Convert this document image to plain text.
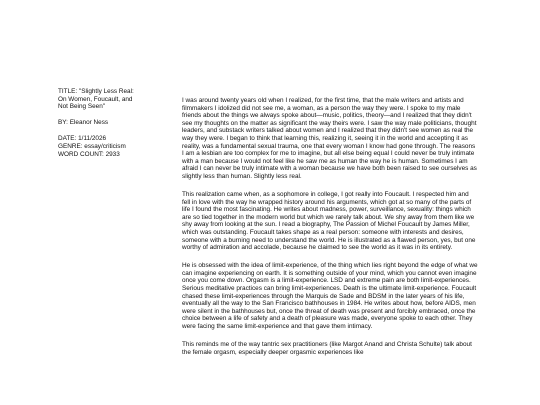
TITLE: "Slightly Less Real:

On Women, Foucault, and

Not Being Seen"

BY: Eleanor Ness

DATE: 1/11/2026

GENRE: essay/criticism

WORD COUNT: 2933

I was around twenty years old when I realized, for the first time, that the male writers and artists and filmmakers I idolized did not see me, a woman, as a person the way they were. I spoke to my male friends about the things we always spoke about—music, politics, theory—and I realized that they didn't see my thoughts on the matter as significant the way theirs were. I saw the way male politicians, thought leaders, and substack writers talked about women and I realized that they didn't see women as real the way they were. I began to think that learning this, realizing it, seeing it in the world and accepting it as reality, was a fundamental sexual trauma, one that every woman I know had gone through. The reasons I am a lesbian are too complex for me to imagine, but all else being equal I could never be truly intimate with a man because I would not feel like he saw me as human the way he is human. Sometimes I am afraid I can never be truly intimate with a woman because we have both been raised to see ourselves as slightly less than human. Slightly less real.

This realization came when, as a sophomore in college, I got really into Foucault. I respected him and fell in love with the way he wrapped history around his arguments, which got at so many of the parts of life I found the most fascinating. He writes about madness, power, surveillance, sexuality: things which are so tied together in the modern world but which we rarely talk about. We shy away from them like we shy away from looking at the sun. I read a biography, The Passion of Michel Foucault by James Miller, which was outstanding. Foucault takes shape as a real person: someone with interests and desires, someone with a burning need to understand the world. He is illustrated as a flawed person, yes, but one worthy of admiration and accolade, because he claimed to see the world as it was in its entirety.

He is obsessed with the idea of limit-experience, of the thing which lies right beyond the edge of what we can imagine experiencing on earth. It is something outside of your mind, which you cannot even imagine once you come down. Orgasm is a limit-experience. LSD and extreme pain are both limit-experiences. Serious meditative practices can bring limit-experiences. Death is the ultimate limit-experience. Foucault chased these limit-experiences through the Marquis de Sade and BDSM in the later years of his life, eventually all the way to the San Francisco bathhouses in 1984. He writes about how, before AIDS, men were silent in the bathhouses but, once the threat of death was present and forcibly embraced, once the choice between a life of safety and a death of pleasure was made, everyone spoke to each other. They were facing the same limit-experience and that gave them intimacy.

This reminds me of the way tantric sex practitioners (like Margot Anand and Christa Schulte) talk about the female orgasm, especially deeper orgasmic experiences like
